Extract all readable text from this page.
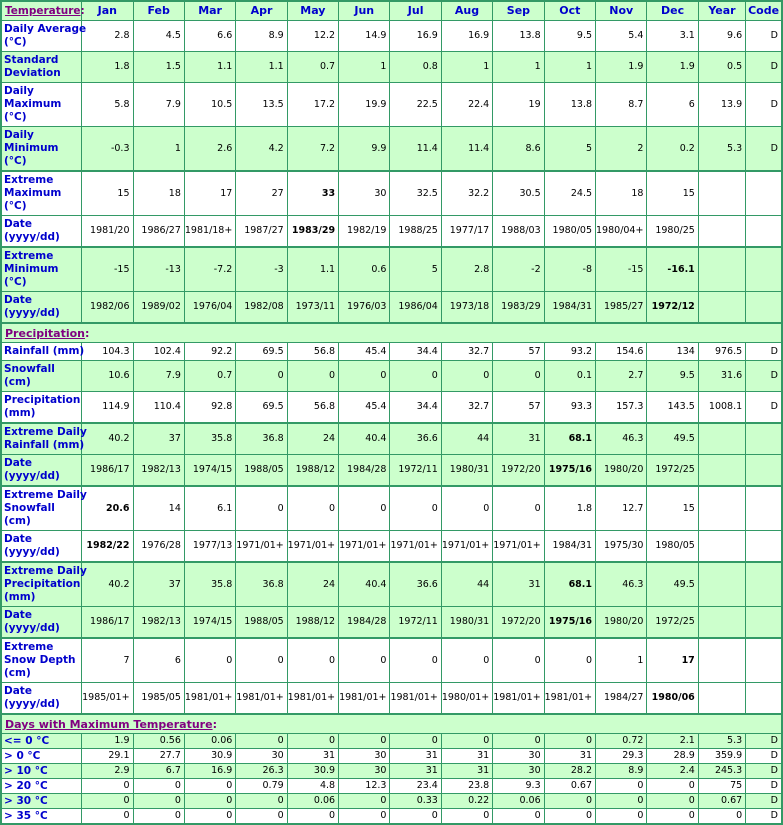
Temperature:	Jan	Feb	Mar	Apr	May	Jun	Jul	Aug	Sep	Oct	Nov	Dec	Year	Code

Daily Average
(°C)	2.8	4.5	6.6	8.9	12.2	14.9	16.9	16.9	13.8	9.5	5.4	3.1	9.6	D

Standard
Deviation	1.8	1.5	1.1	1.1	0.7	1	0.8	1	1	1	1.9	1.9	0.5	D

Daily
Maximum
(°C)	5.8	7.9	10.5	13.5	17.2	19.9	22.5	22.4	19	13.8	8.7	6	13.9	D

Daily
Minimum
(°C)	-0.3	1	2.6	4.2	7.2	9.9	11.4	11.4	8.6	5	2	0.2	5.3	D

Extreme
Maximum
(°C)	15	18	17	27	33	30	32.5	32.2	30.5	24.5	18	15		

Date
(yyyy/dd)	1981/20	1986/27	1981/18+	1987/27	1983/29	1982/19	1988/25	1977/17	1988/03	1980/05	1980/04+	1980/25		

Extreme
Minimum
(°C)	-15	-13	-7.2	-3	1.1	0.6	5	2.8	-2	-8	-15	-16.1		

Date
(yyyy/dd)	1982/06	1989/02	1976/04	1982/08	1973/11	1976/03	1986/04	1973/18	1983/29	1984/31	1985/27	1972/12		
Precipitation:														

Rainfall (mm)	104.3	102.4	92.2	69.5	56.8	45.4	34.4	32.7	57	93.2	154.6	134	976.5	D

Snowfall
(cm)	10.6	7.9	0.7	0	0	0	0	0	0	0.1	2.7	9.5	31.6	D

Precipitation
(mm)	114.9	110.4	92.8	69.5	56.8	45.4	34.4	32.7	57	93.3	157.3	143.5	1008.1	D

Extreme Daily
Rainfall (mm)	40.2	37	35.8	36.8	24	40.4	36.6	44	31	68.1	46.3	49.5		

Date
(yyyy/dd)	1986/17	1982/13	1974/15	1988/05	1988/12	1984/28	1972/11	1980/31	1972/20	1975/16	1980/20	1972/25		

Extreme Daily
Snowfall
(cm)	20.6	14	6.1	0	0	0	0	0	0	1.8	12.7	15		

Date
(yyyy/dd)	1982/22	1976/28	1977/13	1971/01+	1971/01+	1971/01+	1971/01+	1971/01+	1971/01+	1984/31	1975/30	1980/05		

Extreme Daily
Precipitation
(mm)	40.2	37	35.8	36.8	24	40.4	36.6	44	31	68.1	46.3	49.5		

Date
(yyyy/dd)	1986/17	1982/13	1974/15	1988/05	1988/12	1984/28	1972/11	1980/31	1972/20	1975/16	1980/20	1972/25		

Extreme
Snow Depth
(cm)	7	6	0	0	0	0	0	0	0	0	1	17		

Date
(yyyy/dd)	1985/01+	1985/05	1981/01+	1981/01+	1981/01+	1981/01+	1981/01+	1980/01+	1981/01+	1981/01+	1984/27	1980/06		
Days with Maximum Temperature:														

<= 0 °C	1.9	0.56	0.06	0	0	0	0	0	0	0	0.72	2.1	5.3	D

> 0 °C	29.1	27.7	30.9	30	31	30	31	31	30	31	29.3	28.9	359.9	D

> 10 °C	2.9	6.7	16.9	26.3	30.9	30	31	31	30	28.2	8.9	2.4	245.3	D

> 20 °C	0	0	0	0.79	4.8	12.3	23.4	23.8	9.3	0.67	0	0	75	D

> 30 °C	0	0	0	0	0.06	0	0.33	0.22	0.06	0	0	0	0.67	D

> 35 °C	0	0	0	0	0	0	0	0	0	0	0	0	0	D
